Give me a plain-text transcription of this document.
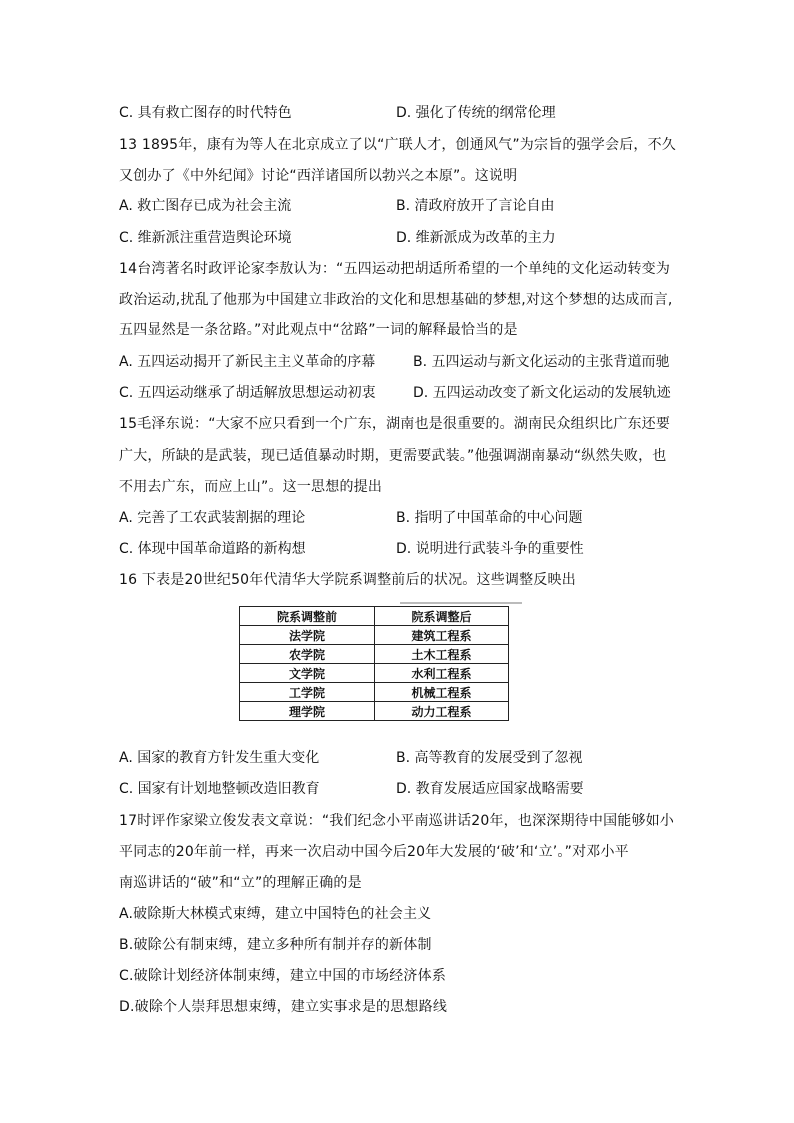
C. 具有救亡图存的时代特色	D. 强化了传统的纲常伦理
13 1895年，康有为等人在北京成立了以“广联人才，创通风气”为宗旨的强学会后，不久
又创办了《中外纪闻》讨论“西洋诸国所以勃兴之本原”。这说明
A. 救亡图存已成为社会主流	B. 清政府放开了言论自由
C. 维新派注重营造舆论环境	D. 维新派成为改革的主力
14台湾著名时政评论家李敖认为：“五四运动把胡适所希望的一个单纯的文化运动转变为
政治运动,扰乱了他那为中国建立非政治的文化和思想基础的梦想,对这个梦想的达成而言,
五四显然是一条岔路。”对此观点中“岔路”一词的解释最恰当的是
A. 五四运动揭开了新民主主义革命的序幕	B. 五四运动与新文化运动的主张背道而驰
C. 五四运动继承了胡适解放思想运动初衷	D. 五四运动改变了新文化运动的发展轨迹
15毛泽东说：“大家不应只看到一个广东，湖南也是很重要的。湖南民众组织比广东还要
广大，所缺的是武装，现已适值暴动时期，更需要武装。”他强调湖南暴动“纵然失败，也
不用去广东，而应上山”。这一思想的提出
A. 完善了工农武装割据的理论	B. 指明了中国革命的中心问题
C. 体现中国革命道路的新构想	D. 说明进行武装斗争的重要性
16 下表是20世纪50年代清华大学院系调整前后的状况。这些调整反映出
院系调整前	院系调整后
法学院	建筑工程系
农学院	土木工程系
文学院	水利工程系
工学院	机械工程系
理学院	动力工程系
A. 国家的教育方针发生重大变化	B. 高等教育的发展受到了忽视
C. 国家有计划地整顿改造旧教育	D. 教育发展适应国家战略需要
17时评作家梁立俊发表文章说：“我们纪念小平南巡讲话20年，也深深期待中国能够如小
平同志的20年前一样，再来一次启动中国今后20年大发展的‘破’和‘立’。”对邓小平
南巡讲话的“破”和“立”的理解正确的是
A.破除斯大林模式束缚，建立中国特色的社会主义
B.破除公有制束缚，建立多种所有制并存的新体制
C.破除计划经济体制束缚，建立中国的市场经济体系
D.破除个人崇拜思想束缚，建立实事求是的思想路线
